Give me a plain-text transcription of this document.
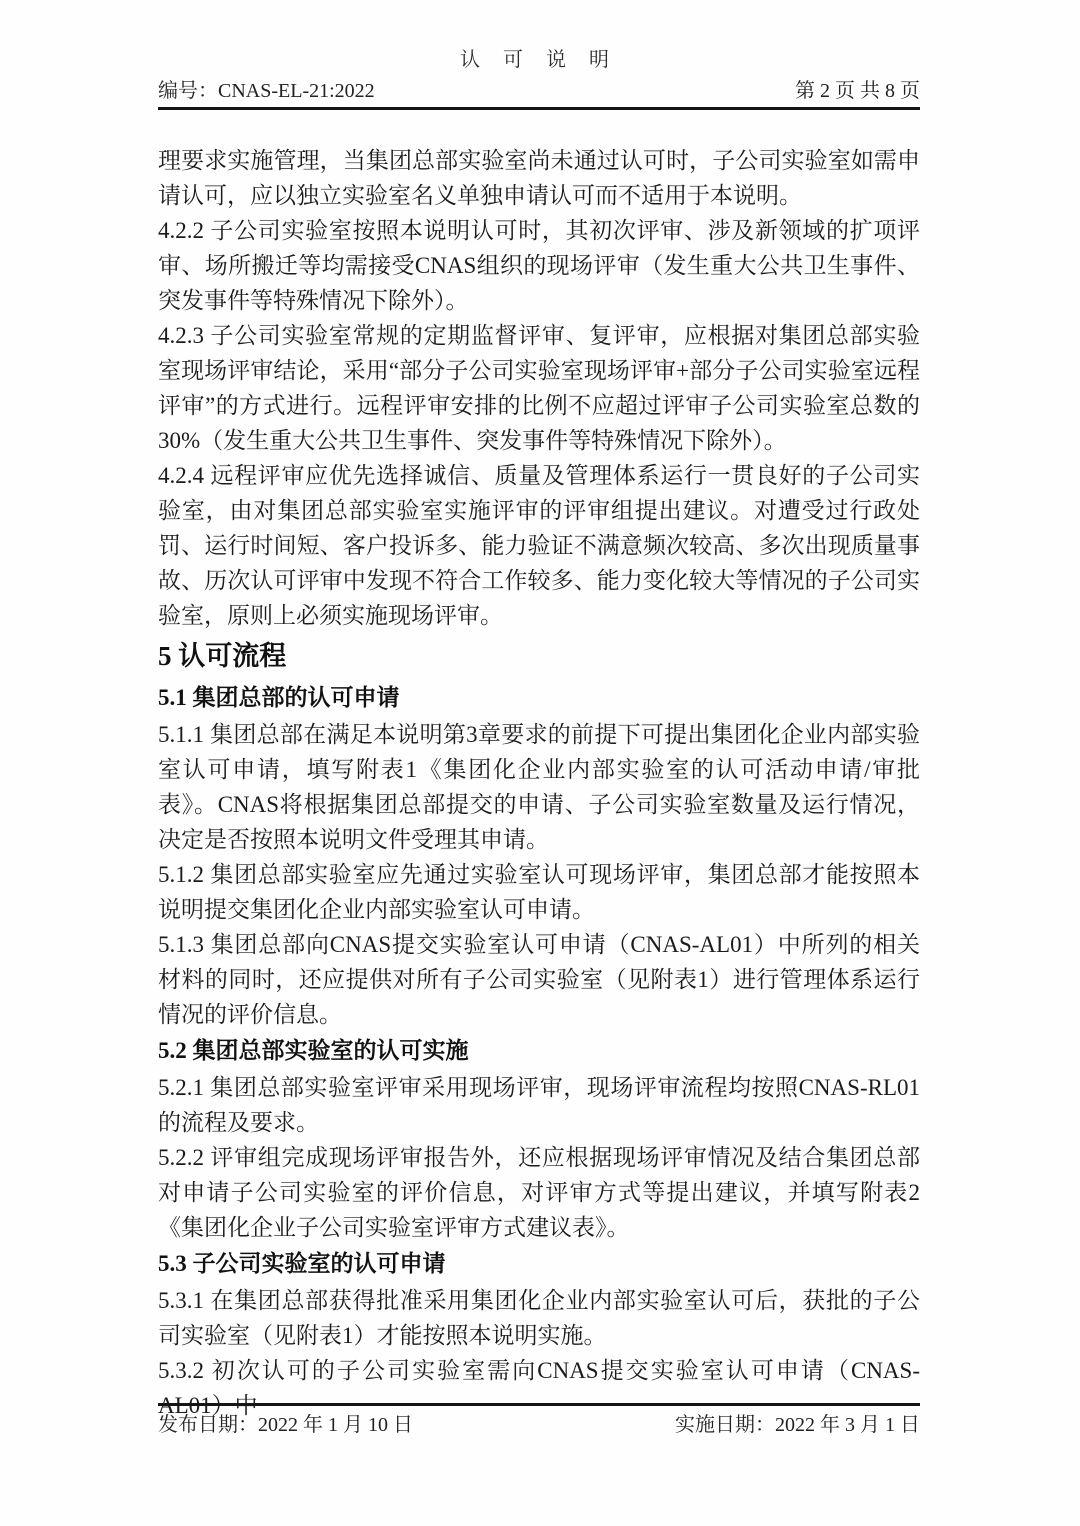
认 可 说 明
编号：CNAS-EL-21:2022	第 2 页 共 8 页

理要求实施管理，当集团总部实验室尚未通过认可时，子公司实验室如需申请认可，应以独立实验室名义单独申请认可而不适用于本说明。

4.2.2 子公司实验室按照本说明认可时，其初次评审、涉及新领域的扩项评审、场所搬迁等均需接受CNAS组织的现场评审（发生重大公共卫生事件、突发事件等特殊情况下除外）。

4.2.3 子公司实验室常规的定期监督评审、复评审，应根据对集团总部实验室现场评审结论，采用“部分子公司实验室现场评审+部分子公司实验室远程评审”的方式进行。远程评审安排的比例不应超过评审子公司实验室总数的30%（发生重大公共卫生事件、突发事件等特殊情况下除外）。

4.2.4 远程评审应优先选择诚信、质量及管理体系运行一贯良好的子公司实验室，由对集团总部实验室实施评审的评审组提出建议。对遭受过行政处罚、运行时间短、客户投诉多、能力验证不满意频次较高、多次出现质量事故、历次认可评审中发现不符合工作较多、能力变化较大等情况的子公司实验室，原则上必须实施现场评审。

5 认可流程
5.1 集团总部的认可申请

5.1.1 集团总部在满足本说明第3章要求的前提下可提出集团化企业内部实验室认可申请，填写附表1《集团化企业内部实验室的认可活动申请/审批表》。CNAS将根据集团总部提交的申请、子公司实验室数量及运行情况，决定是否按照本说明文件受理其申请。

5.1.2 集团总部实验室应先通过实验室认可现场评审，集团总部才能按照本说明提交集团化企业内部实验室认可申请。

5.1.3 集团总部向CNAS提交实验室认可申请（CNAS-AL01）中所列的相关材料的同时，还应提供对所有子公司实验室（见附表1）进行管理体系运行情况的评价信息。

5.2 集团总部实验室的认可实施

5.2.1 集团总部实验室评审采用现场评审，现场评审流程均按照CNAS-RL01的流程及要求。

5.2.2 评审组完成现场评审报告外，还应根据现场评审情况及结合集团总部对申请子公司实验室的评价信息，对评审方式等提出建议，并填写附表2《集团化企业子公司实验室评审方式建议表》。

5.3 子公司实验室的认可申请

5.3.1 在集团总部获得批准采用集团化企业内部实验室认可后，获批的子公司实验室（见附表1）才能按照本说明实施。

5.3.2 初次认可的子公司实验室需向CNAS提交实验室认可申请（CNAS-AL01）中

发布日期：2022 年 1 月 10 日	实施日期：2022 年 3 月 1 日
